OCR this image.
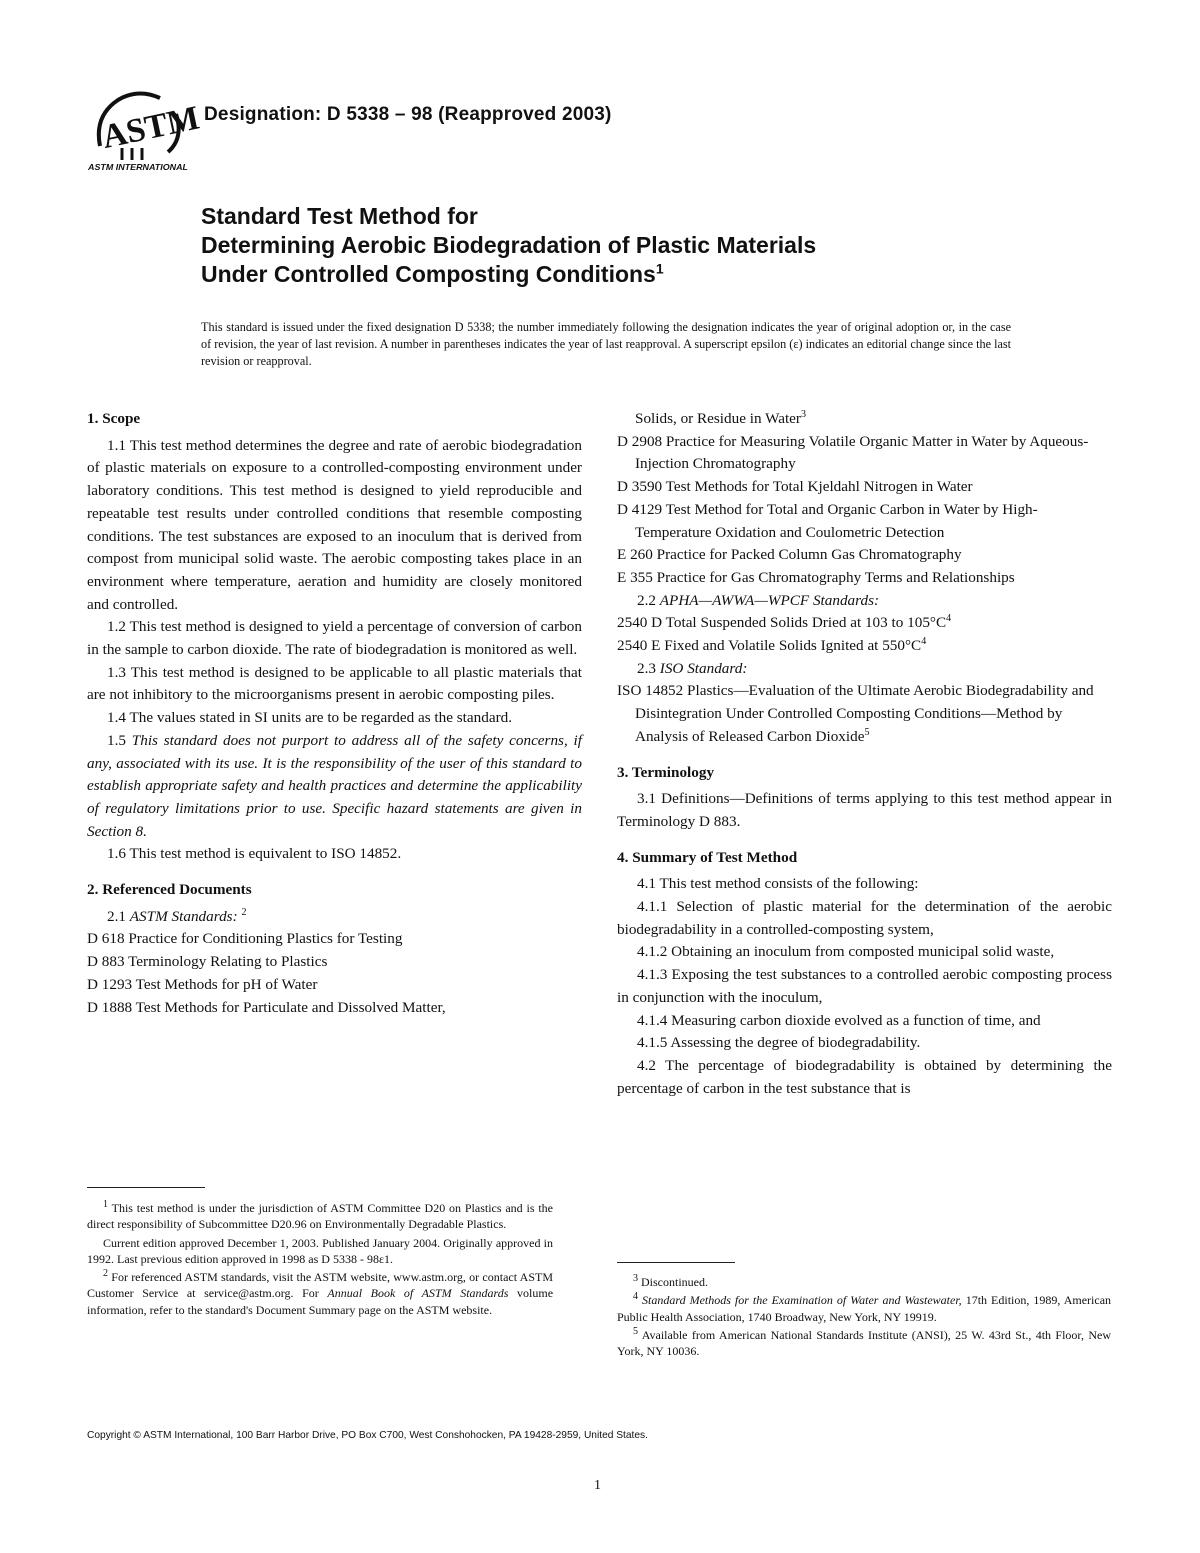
ASTM
ASTM INTERNATIONAL
Designation: D 5338 – 98 (Reapproved 2003)
Standard Test Method for
Determining Aerobic Biodegradation of Plastic Materials
Under Controlled Composting Conditions$^1$
This standard is issued under the fixed designation D 5338; the number immediately following the designation indicates the year of original adoption or, in the case of revision, the year of last revision. A number in parentheses indicates the year of last reapproval. A superscript epsilon (ε) indicates an editorial change since the last revision or reapproval.
1. Scope

1.1 This test method determines the degree and rate of aerobic biodegradation of plastic materials on exposure to a controlled-composting environment under laboratory conditions. This test method is designed to yield reproducible and repeatable test results under controlled conditions that resemble composting conditions. The test substances are exposed to an inoculum that is derived from compost from municipal solid waste. The aerobic composting takes place in an environment where temperature, aeration and humidity are closely monitored and controlled.

1.2 This test method is designed to yield a percentage of conversion of carbon in the sample to carbon dioxide. The rate of biodegradation is monitored as well.

1.3 This test method is designed to be applicable to all plastic materials that are not inhibitory to the microorganisms present in aerobic composting piles.

1.4 The values stated in SI units are to be regarded as the standard.

1.5 This standard does not purport to address all of the safety concerns, if any, associated with its use. It is the responsibility of the user of this standard to establish appropriate safety and health practices and determine the applicability of regulatory limitations prior to use. Specific hazard statements are given in Section 8.

1.6 This test method is equivalent to ISO 14852.

2. Referenced Documents

2.1 ASTM Standards: $^2$

D 618 Practice for Conditioning Plastics for Testing

D 883 Terminology Relating to Plastics

D 1293 Test Methods for pH of Water

D 1888 Test Methods for Particulate and Dissolved Matter,

$^1$ This test method is under the jurisdiction of ASTM Committee D20 on Plastics and is the direct responsibility of Subcommittee D20.96 on Environmentally Degradable Plastics.

Current edition approved December 1, 2003. Published January 2004. Originally approved in 1992. Last previous edition approved in 1998 as D 5338 - 98ε1.

$^2$ For referenced ASTM standards, visit the ASTM website, www.astm.org, or contact ASTM Customer Service at service@astm.org. For Annual Book of ASTM Standards volume information, refer to the standard's Document Summary page on the ASTM website.

Solids, or Residue in Water$^3$

D 2908 Practice for Measuring Volatile Organic Matter in Water by Aqueous-Injection Chromatography

D 3590 Test Methods for Total Kjeldahl Nitrogen in Water

D 4129 Test Method for Total and Organic Carbon in Water by High-Temperature Oxidation and Coulometric Detection

E 260 Practice for Packed Column Gas Chromatography

E 355 Practice for Gas Chromatography Terms and Relationships

2.2 APHA—AWWA—WPCF Standards:

2540 D Total Suspended Solids Dried at 103 to $105^\circ C^4$

2540 E Fixed and Volatile Solids Ignited at $550^\circ C^4$

2.3 ISO Standard:

ISO 14852 Plastics—Evaluation of the Ultimate Aerobic Biodegradability and Disintegration Under Controlled Composting Conditions—Method by Analysis of Released Carbon Dioxide$^5$

3. Terminology

3.1 Definitions—Definitions of terms applying to this test method appear in Terminology D 883.

4. Summary of Test Method

4.1 This test method consists of the following:

4.1.1 Selection of plastic material for the determination of the aerobic biodegradability in a controlled-composting system,

4.1.2 Obtaining an inoculum from composted municipal solid waste,

4.1.3 Exposing the test substances to a controlled aerobic composting process in conjunction with the inoculum,

4.1.4 Measuring carbon dioxide evolved as a function of time, and

4.1.5 Assessing the degree of biodegradability.

4.2 The percentage of biodegradability is obtained by determining the percentage of carbon in the test substance that is

$^3$ Discontinued.

$^4$ Standard Methods for the Examination of Water and Wastewater, 17th Edition, 1989, American Public Health Association, 1740 Broadway, New York, NY 19919.

$^5$ Available from American National Standards Institute (ANSI), 25 W. 43rd St., 4th Floor, New York, NY 10036.

Copyright © ASTM International, 100 Barr Harbor Drive, PO Box C700, West Conshohocken, PA 19428-2959, United States.
1
